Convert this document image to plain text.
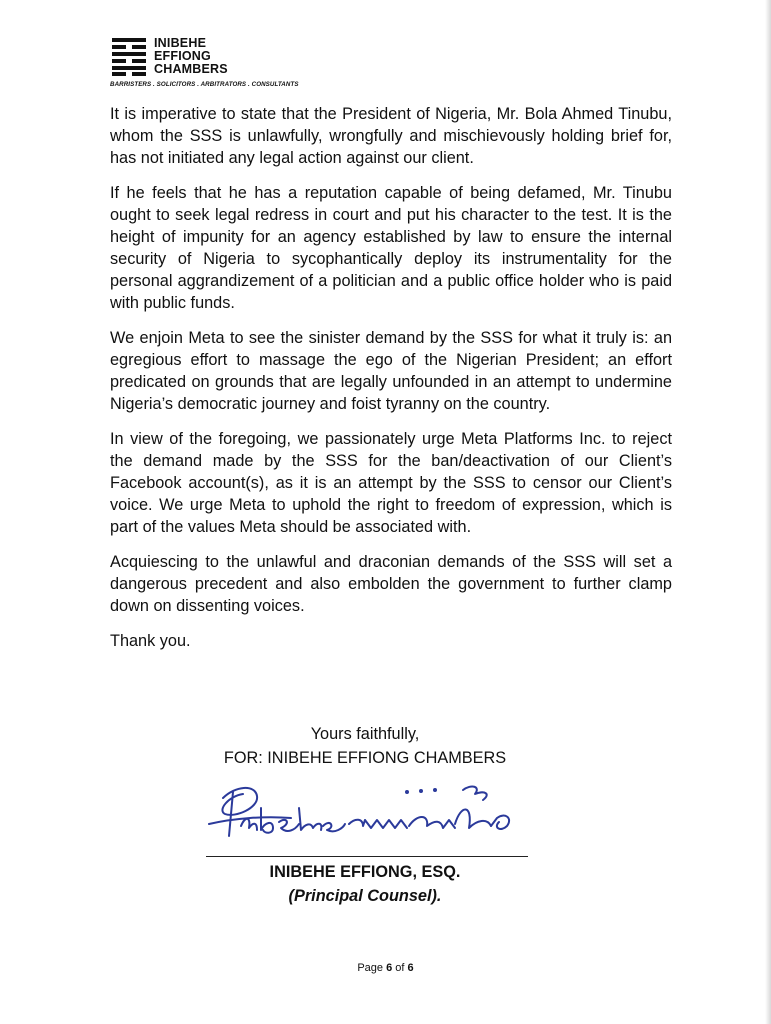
INIBEHE
EFFIONG
CHAMBERS
BARRISTERS . SOLICITORS . ARBITRATORS . CONSULTANTS

It is imperative to state that the President of Nigeria, Mr. Bola Ahmed Tinubu, whom the SSS is unlawfully, wrongfully and mischievously holding brief for, has not initiated any legal action against our client.

If he feels that he has a reputation capable of being defamed, Mr. Tinubu ought to seek legal redress in court and put his character to the test. It is the height of impunity for an agency established by law to ensure the internal security of Nigeria to sycophantically deploy its instrumentality for the personal aggrandizement of a politician and a public office holder who is paid with public funds.

We enjoin Meta to see the sinister demand by the SSS for what it truly is: an egregious effort to massage the ego of the Nigerian President; an effort predicated on grounds that are legally unfounded in an attempt to undermine Nigeria’s democratic journey and foist tyranny on the country.

In view of the foregoing, we passionately urge Meta Platforms Inc. to reject the demand made by the SSS for the ban/deactivation of our Client’s Facebook account(s), as it is an attempt by the SSS to censor our Client’s voice. We urge Meta to uphold the right to freedom of expression, which is part of the values Meta should be associated with.

Acquiescing to the unlawful and draconian demands of the SSS will set a dangerous precedent and also embolden the government to further clamp down on dissenting voices.

Thank you.

Yours faithfully,
FOR: INIBEHE EFFIONG CHAMBERS
INIBEHE EFFIONG, ESQ.
(Principal Counsel).
Page 6 of 6
